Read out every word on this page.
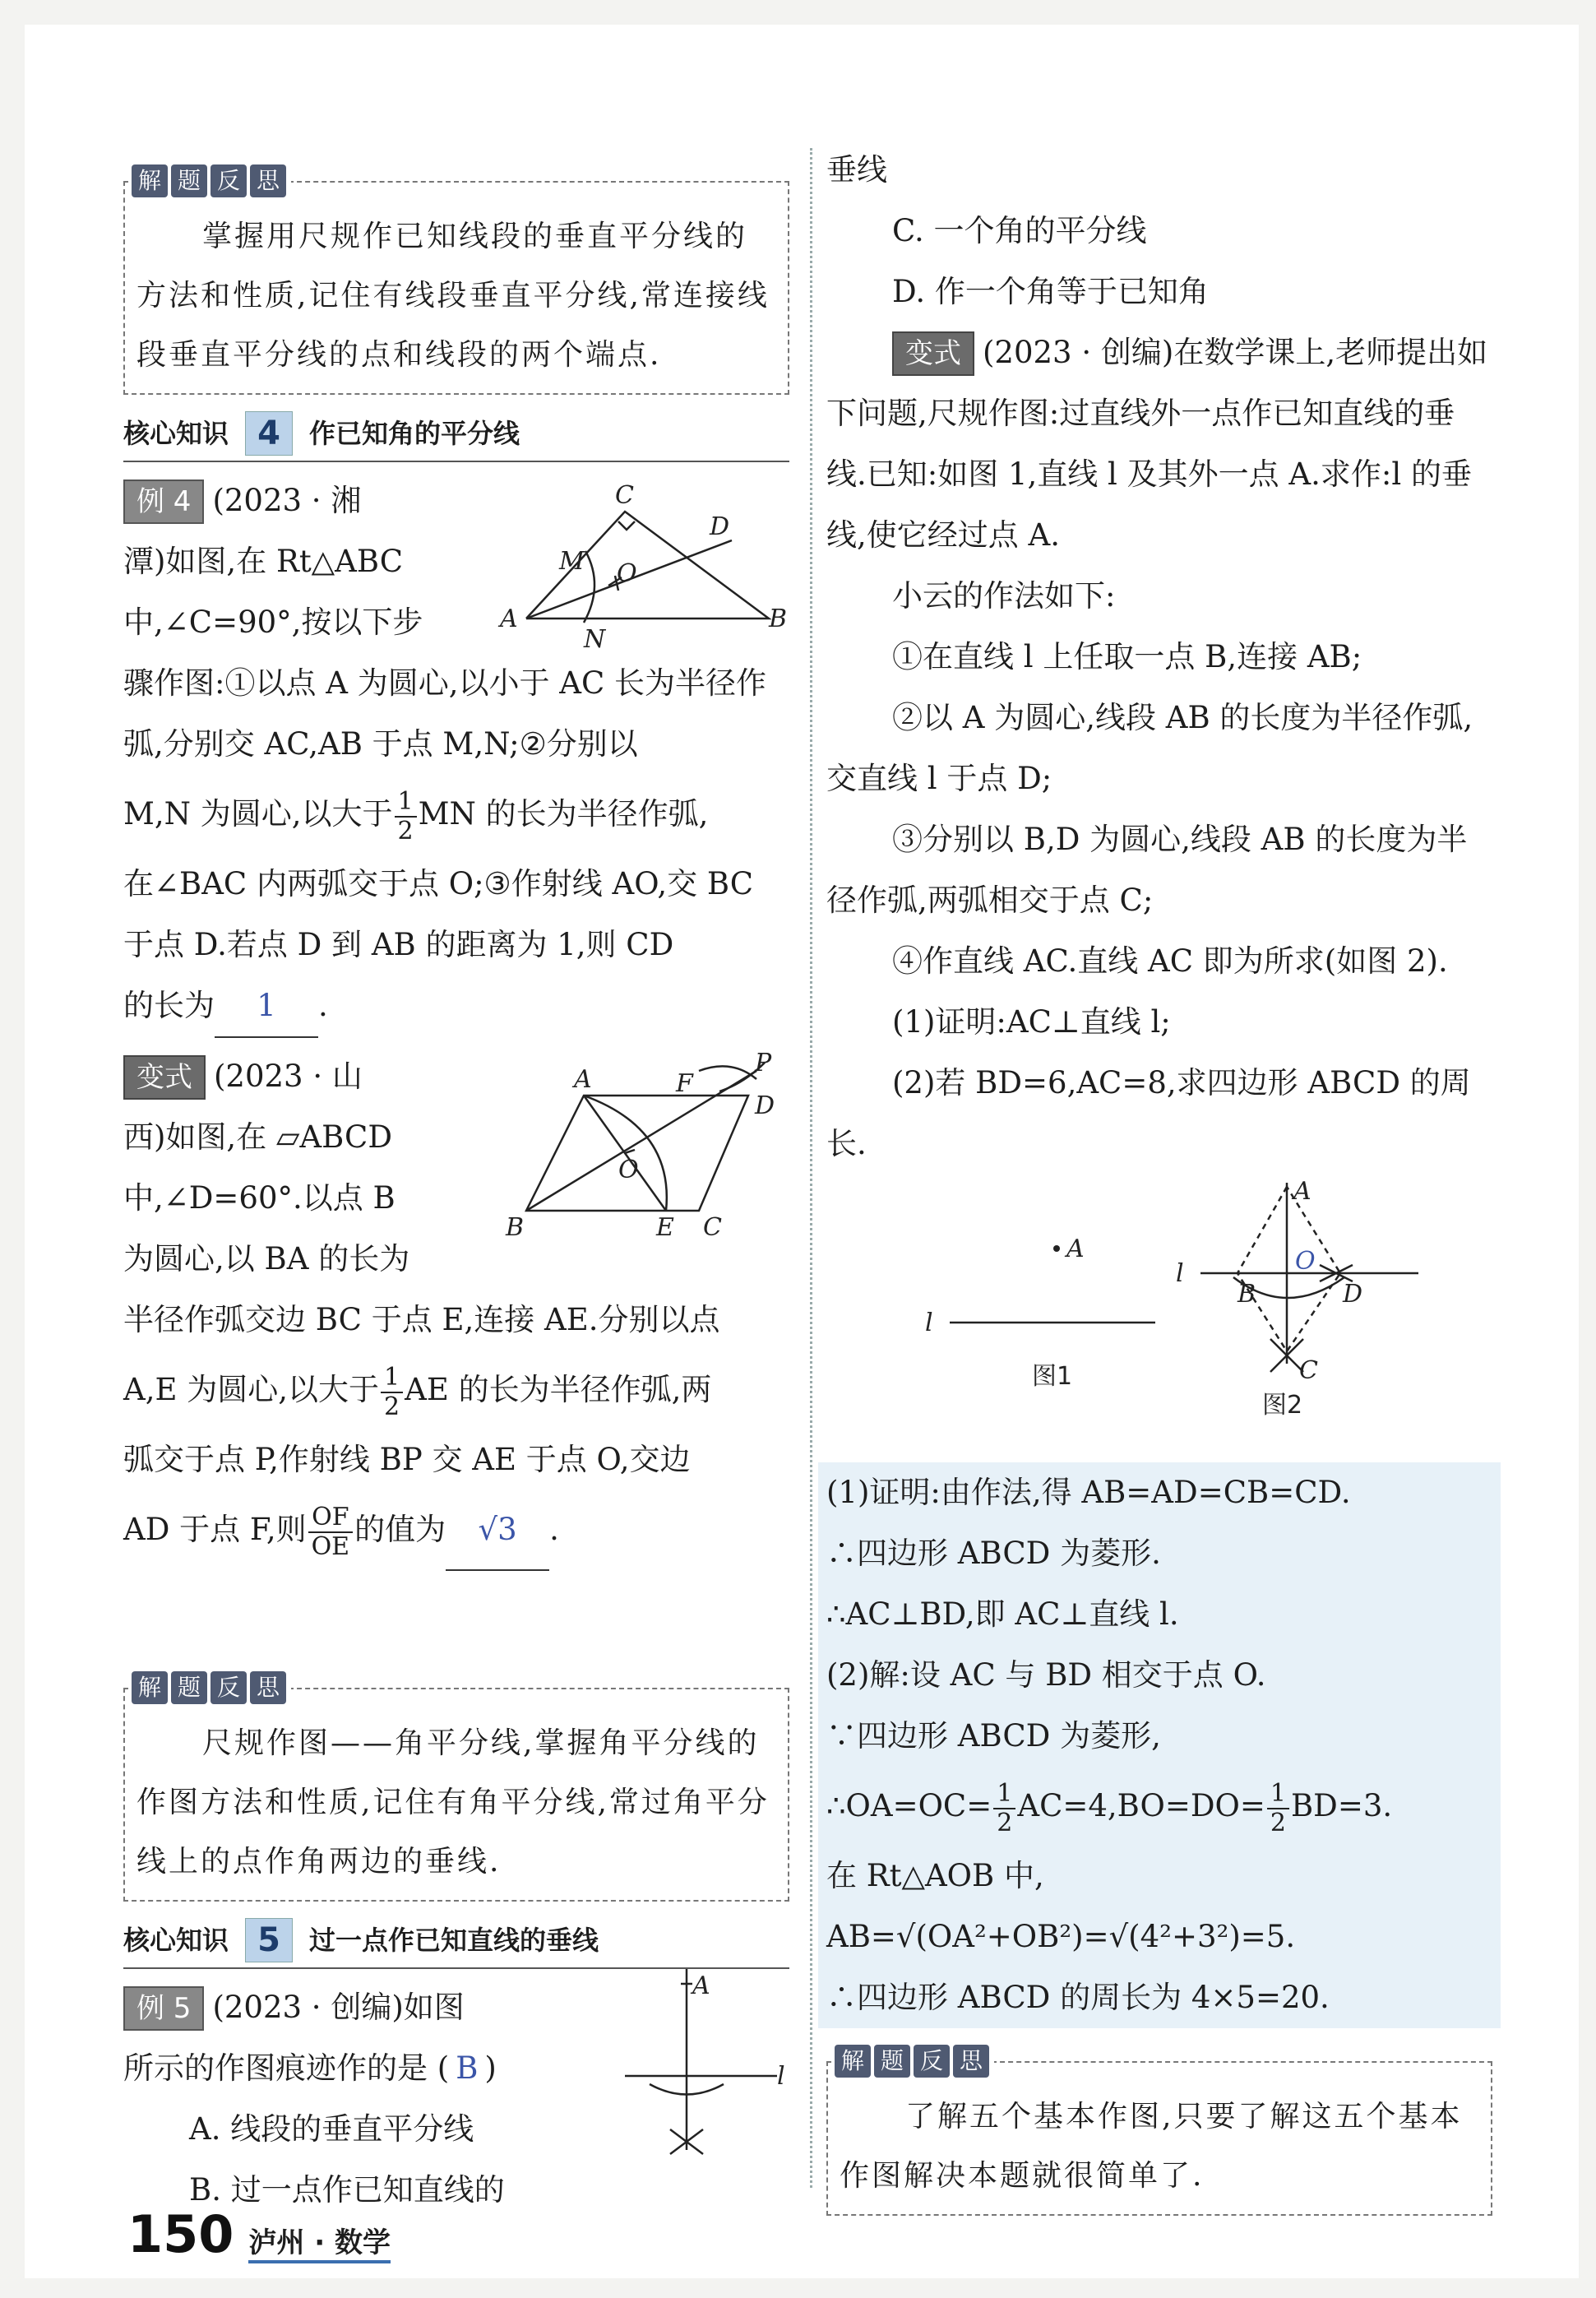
解 题 反 思

掌握用尺规作已知线段的垂直平分线的方法和性质,记住有线段垂直平分线,常连接线段垂直平分线的点和线段的两个端点.

核心知识 4	作已知角的平分线

例 4 (2023 · 湘

潭)如图,在 Rt△ABC

中,∠C=90°,按以下步

骤作图:①以点 A 为圆心,以小于 AC 长为半径作弧,分别交 AC,AB 于点 M,N;②分别以

M,N 为圆心,以大于 $\frac{1}{2}$ MN 的长为半径作弧,

在∠BAC 内两弧交于点 O;③作射线 AO,交 BC 于点 D.若点 D 到 AB 的距离为 1,则 CD

的长为 1 .

C
D
M O
A
N
B

变式 (2023 · 山

西)如图,在 ▱ABCD

中,∠D=60°.以点 B

为圆心,以 BA 的长为

半径作弧交边 BC 于点 E,连接 AE.分别以点

A,E 为圆心,以大于 $\frac{1}{2}$ AE 的长为半径作弧,两

弧交于点 P,作射线 BP 交 AE 于点 O,交边

AD 于点 F,则 $\frac{OF}{OE}$ 的值为 √3 .

P
A	F
D
O
B	E C
解 题 反 思

尺规作图——角平分线,掌握角平分线的作图方法和性质,记住有角平分线,常过角平分线上的点作角两边的垂线.

核心知识 5	过一点作已知直线的垂线

例 5 (2023 · 创编)如图

所示的作图痕迹作的是 ( B )

A. 线段的垂直平分线

B. 过一点作已知直线的

A
l

垂线

C. 一个角的平分线

D. 作一个角等于已知角

变式 (2023 · 创编)在数学课上,老师提出如下问题,尺规作图:过直线外一点作已知直线的垂线.已知:如图 1,直线 l 及其外一点 A.求作:l 的垂线,使它经过点 A.

小云的作法如下:

①在直线 l 上任取一点 B,连接 AB;

②以 A 为圆心,线段 AB 的长度为半径作弧,交直线 l 于点 D;

③分别以 B,D 为圆心,线段 AB 的长度为半径作弧,两弧相交于点 C;

④作直线 AC.直线 AC 即为所求(如图 2).

(1)证明:AC⊥直线 l;

(2)若 BD=6,AC=8,求四边形 ABCD 的周长.

A
l
图1
A
l
B
O
D
C
图2

(1)证明:由作法,得 AB=AD=CB=CD.

∴四边形 ABCD 为菱形.

∴AC⊥BD,即 AC⊥直线 l.

(2)解:设 AC 与 BD 相交于点 O.

∵四边形 ABCD 为菱形,

∴OA=OC= $\frac{1}{2} AC=4,BO=DO= \frac{1}{2} BD=3$.

在 Rt△AOB 中,

AB=√(OA²+OB²)=√(4²+3²)=5.

∴四边形 ABCD 的周长为 4×5=20.

解 题 反 思

了解五个基本作图,只要了解这五个基本作图解决本题就很简单了.

150 泸州 · 数学
